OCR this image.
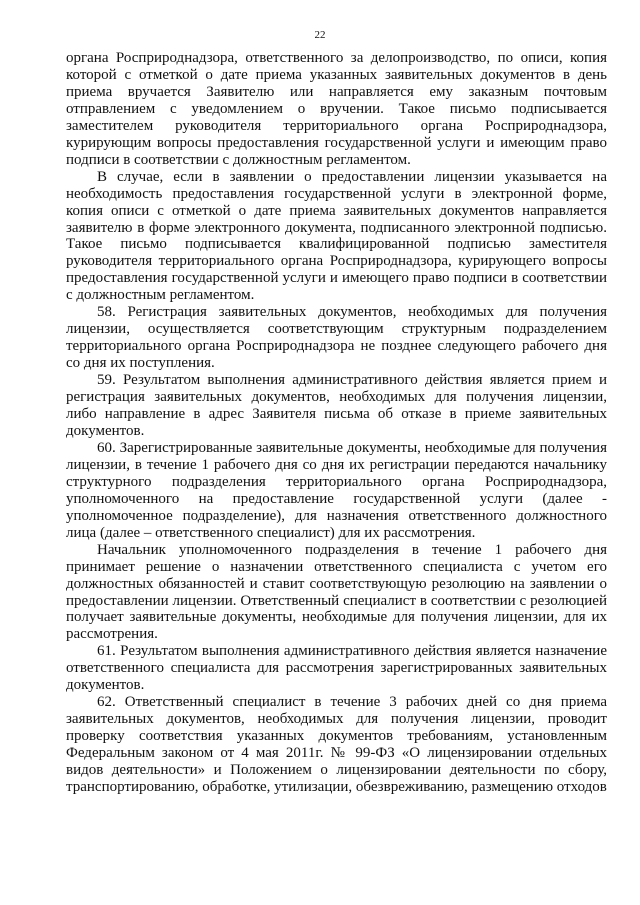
22

органа Росприроднадзора, ответственного за делопроизводство, по описи, копия которой с отметкой о дате приема указанных заявительных документов в день приема вручается Заявителю или направляется ему заказным почтовым отправлением с уведомлением о вручении. Такое письмо подписывается заместителем руководителя территориального органа Росприроднадзора, курирующим вопросы предоставления государственной услуги и имеющим право подписи в соответствии с должностным регламентом.

В случае, если в заявлении о предоставлении лицензии указывается на необходимость предоставления государственной услуги в электронной форме, копия описи с отметкой о дате приема заявительных документов направляется заявителю в форме электронного документа, подписанного электронной подписью. Такое письмо подписывается квалифицированной подписью заместителя руководителя территориального органа Росприроднадзора, курирующего вопросы предоставления государственной услуги и имеющего право подписи в соответствии с должностным регламентом.

58. Регистрация заявительных документов, необходимых для получения лицензии, осуществляется соответствующим структурным подразделением территориального органа Росприроднадзора не позднее следующего рабочего дня со дня их поступления.

59. Результатом выполнения административного действия является прием и регистрация заявительных документов, необходимых для получения лицензии, либо направление в адрес Заявителя письма об отказе в приеме заявительных документов.

60. Зарегистрированные заявительные документы, необходимые для получения лицензии, в течение 1 рабочего дня со дня их регистрации передаются начальнику структурного подразделения территориального органа Росприроднадзора, уполномоченного на предоставление государственной услуги (далее - уполномоченное подразделение), для назначения ответственного должностного лица (далее – ответственного специалист) для их рассмотрения.

Начальник уполномоченного подразделения в течение 1 рабочего дня принимает решение о назначении ответственного специалиста с учетом его должностных обязанностей и ставит соответствующую резолюцию на заявлении о предоставлении лицензии. Ответственный специалист в соответствии с резолюцией получает заявительные документы, необходимые для получения лицензии, для их рассмотрения.

61. Результатом выполнения административного действия является назначение ответственного специалиста для рассмотрения зарегистрированных заявительных документов.

62. Ответственный специалист в течение 3 рабочих дней со дня приема заявительных документов, необходимых для получения лицензии, проводит проверку соответствия указанных документов требованиям, установленным Федеральным законом от 4 мая 2011г. № 99-ФЗ «О лицензировании отдельных видов деятельности» и Положением о лицензировании деятельности по сбору, транспортированию, обработке, утилизации, обезвреживанию, размещению отходов
